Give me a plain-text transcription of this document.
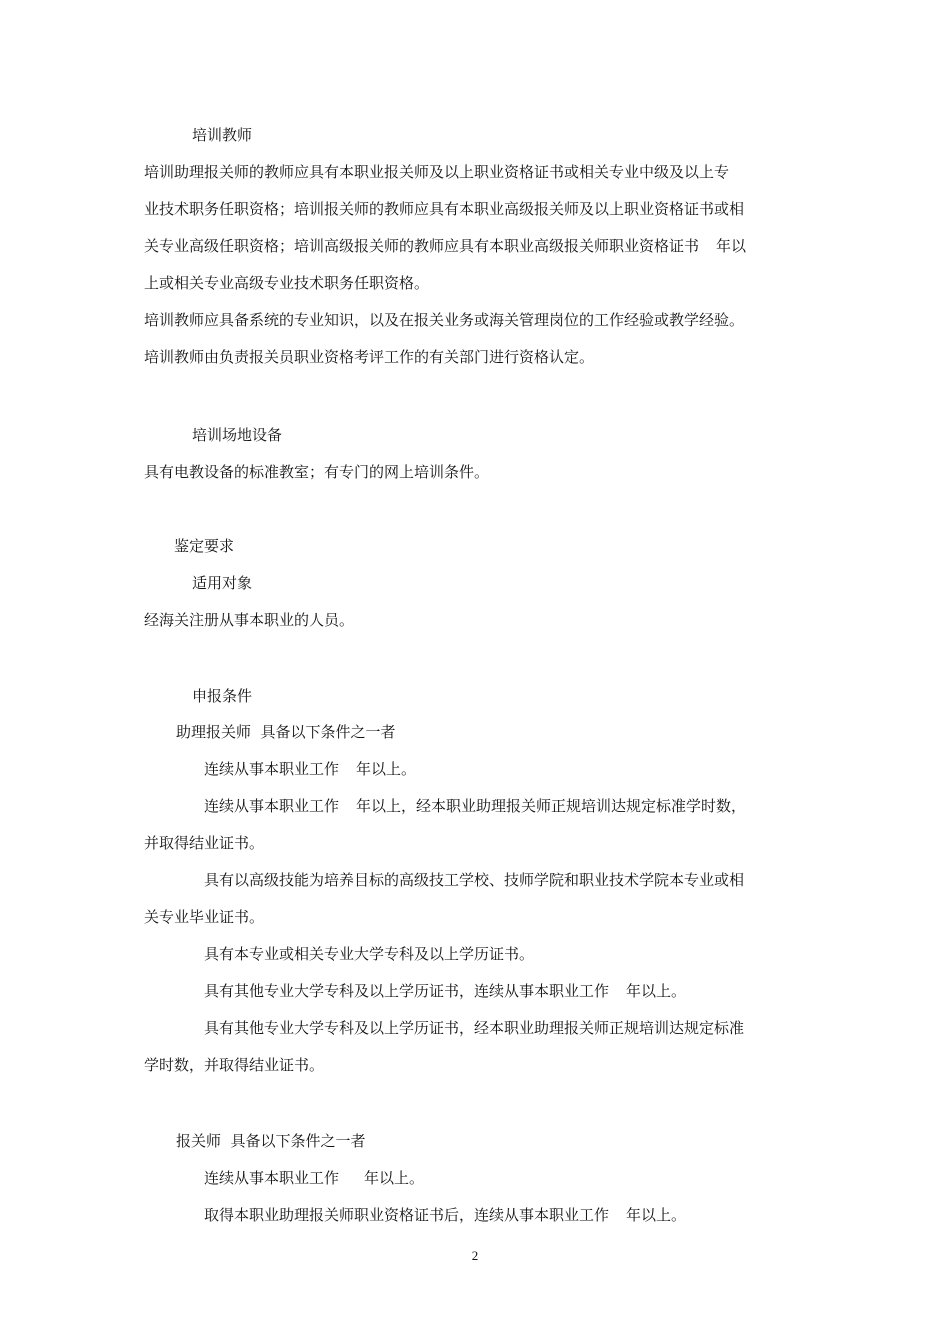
培训教师
培训助理报关师的教师应具有本职业报关师及以上职业资格证书或相关专业中级及以上专
业技术职务任职资格；培训报关师的教师应具有本职业高级报关师及以上职业资格证书或相
关专业高级任职资格；培训高级报关师的教师应具有本职业高级报关师职业资格证书 年以
上或相关专业高级专业技术职务任职资格。
培训教师应具备系统的专业知识，以及在报关业务或海关管理岗位的工作经验或教学经验。
培训教师由负责报关员职业资格考评工作的有关部门进行资格认定。
培训场地设备
具有电教设备的标准教室；有专门的网上培训条件。
鉴定要求
适用对象
经海关注册从事本职业的人员。
申报条件
助理报关师  具备以下条件之一者
连续从事本职业工作 年以上。
连续从事本职业工作 年以上，经本职业助理报关师正规培训达规定标准学时数，
并取得结业证书。
具有以高级技能为培养目标的高级技工学校、技师学院和职业技术学院本专业或相
关专业毕业证书。
具有本专业或相关专业大学专科及以上学历证书。
具有其他专业大学专科及以上学历证书，连续从事本职业工作 年以上。
具有其他专业大学专科及以上学历证书，经本职业助理报关师正规培训达规定标准
学时数，并取得结业证书。
报关师  具备以下条件之一者
连续从事本职业工作 年以上。
取得本职业助理报关师职业资格证书后，连续从事本职业工作 年以上。
2
